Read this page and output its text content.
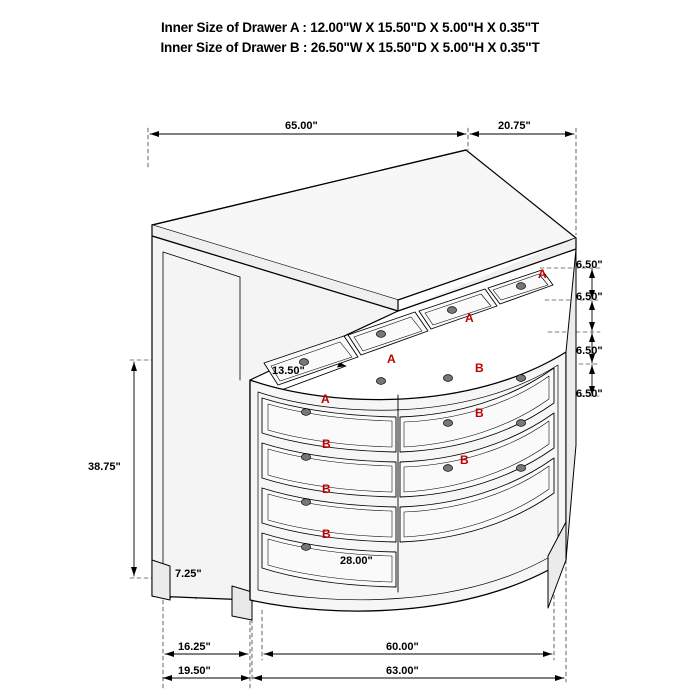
Inner Size of Drawer A : 12.00"W X 15.50"D X 5.00"H X 0.35"T
Inner Size of Drawer B : 26.50"W X 15.50"D X 5.00"H X 0.35"T
65.00"	20.75"
6.50"
6.50"
6.50"
6.50"
38.75"
7.25"
13.50"
28.00"
16.25"
19.50"
60.00"
63.00"
A
A
A
A
B
B
B
B
B
B
